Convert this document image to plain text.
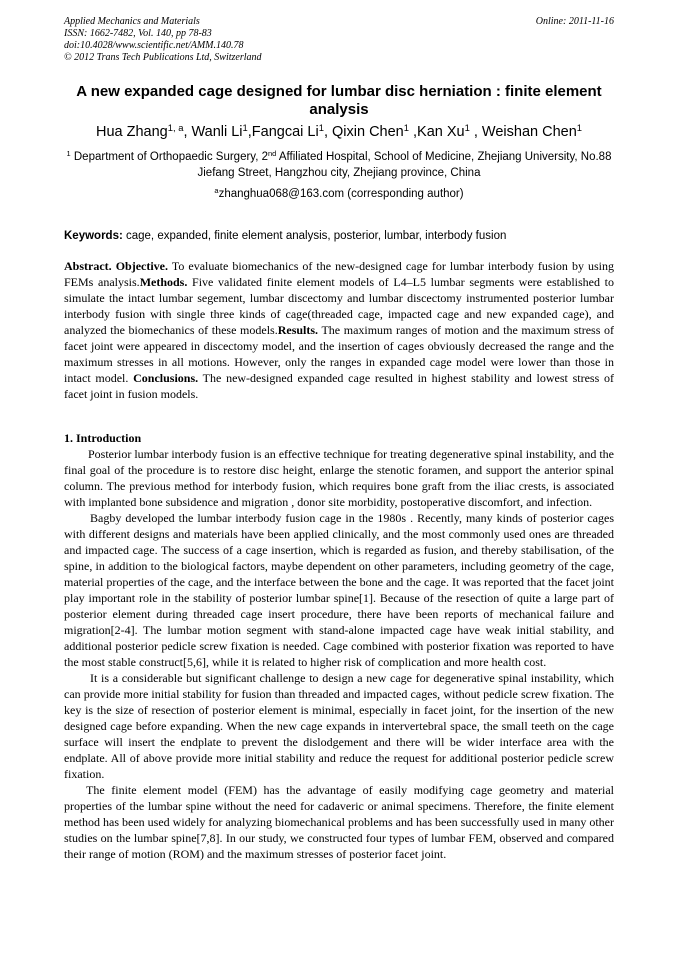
Applied Mechanics and Materials
ISSN: 1662-7482, Vol. 140, pp 78-83
doi:10.4028/www.scientific.net/AMM.140.78
© 2012 Trans Tech Publications Ltd, Switzerland
Online: 2011-11-16
A new expanded cage designed for lumbar disc herniation : finite element analysis
Hua Zhang$^{1, a}$, Wanli Li$^1$,Fangcai Li$^1$, Qixin Chen$^1$ ,Kan Xu$^1$ , Weishan Chen$^1$
$^1$ Department of Orthopaedic Surgery, 2nd Affiliated Hospital, School of Medicine, Zhejiang University, No.88 Jiefang Street, Hangzhou city, Zhejiang province, China
$^a$zhanghua068@163.com (corresponding author)
Keywords: cage, expanded, finite element analysis, posterior, lumbar, interbody fusion
Abstract. Objective. To evaluate biomechanics of the new-designed cage for lumbar interbody fusion by using FEMs analysis.Methods. Five validated finite element models of L4–L5 lumbar segments were established to simulate the intact lumbar segement, lumbar discectomy and lumbar discectomy instrumented posterior lumbar interbody fusion with single three kinds of cage(threaded cage, impacted cage and new expanded cage), and analyzed the biomechanics of these models.Results. The maximum ranges of motion and the maximum stress of facet joint were appeared in discectomy model, and the insertion of cages obviously decreased the range and the maximum stresses in all motions. However, only the ranges in expanded cage model were lower than those in intact model. Conclusions. The new-designed expanded cage resulted in highest stability and lowest stress of facet joint in fusion models.
1. Introduction

Posterior lumbar interbody fusion is an effective technique for treating degenerative spinal instability, and the final goal of the procedure is to restore disc height, enlarge the stenotic foramen, and support the anterior spinal column. The previous method for interbody fusion, which requires bone graft from the iliac crests, is associated with implanted bone subsidence and migration , donor site morbidity, postoperative discomfort, and infection.

Bagby developed the lumbar interbody fusion cage in the 1980s . Recently, many kinds of posterior cages with different designs and materials have been applied clinically, and the most commonly used ones are threaded and impacted cage. The success of a cage insertion, which is regarded as fusion, and thereby stabilisation, of the spine, in addition to the biological factors, maybe dependent on other parameters, including geometry of the cage, material properties of the cage, and the interface between the bone and the cage. It was reported that the facet joint play important role in the stability of posterior lumbar spine[1]. Because of the resection of quite a large part of posterior element during threaded cage insert procedure, there have been reports of mechanical failure and migration[2-4]. The lumbar motion segment with stand-alone impacted cage have weak initial stability, and additional posterior pedicle screw fixation is needed. Cage combined with posterior fixation was reported to have the most stable construct[5,6], while it is related to higher risk of complication and more health cost.

It is a considerable but significant challenge to design a new cage for degenerative spinal instability, which can provide more initial stability for fusion than threaded and impacted cages, without pedicle screw fixation. The key is the size of resection of posterior element is minimal, especially in facet joint, for the insertion of the new designed cage before expanding. When the new cage expands in intervertebral space, the small teeth on the cage surface will insert the endplate to prevent the dislodgement and there will be wider interface area with the endplate. All of above provide more initial stability and reduce the request for additional posterior pedicle screw fixation.

The finite element model (FEM) has the advantage of easily modifying cage geometry and material properties of the lumbar spine without the need for cadaveric or animal specimens. Therefore, the finite element method has been used widely for analyzing biomechanical problems and has been successfully used in many other studies on the lumbar spine[7,8]. In our study, we constructed four types of lumbar FEM, observed and compared their range of motion (ROM) and the maximum stresses of posterior facet joint.
